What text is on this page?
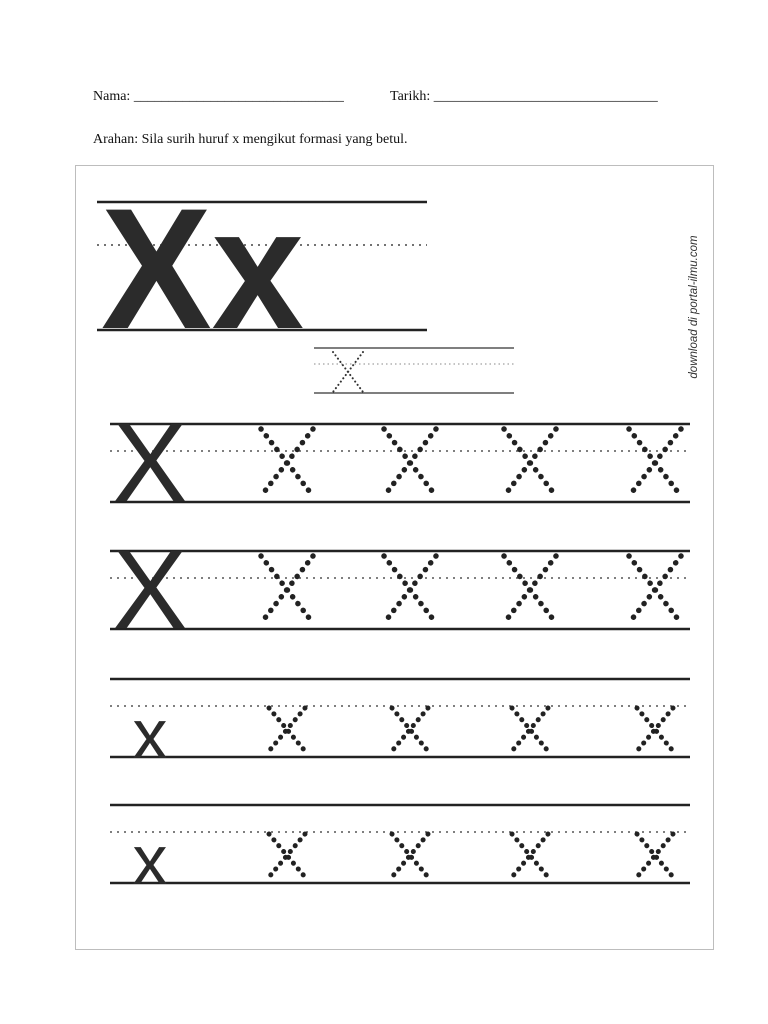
Nama: ______________________________	Tarikh: ________________________________
Arahan: Sila surih huruf x mengikut formasi yang betul.
Xx
X
X
x
x
download di portal-ilmu.com
